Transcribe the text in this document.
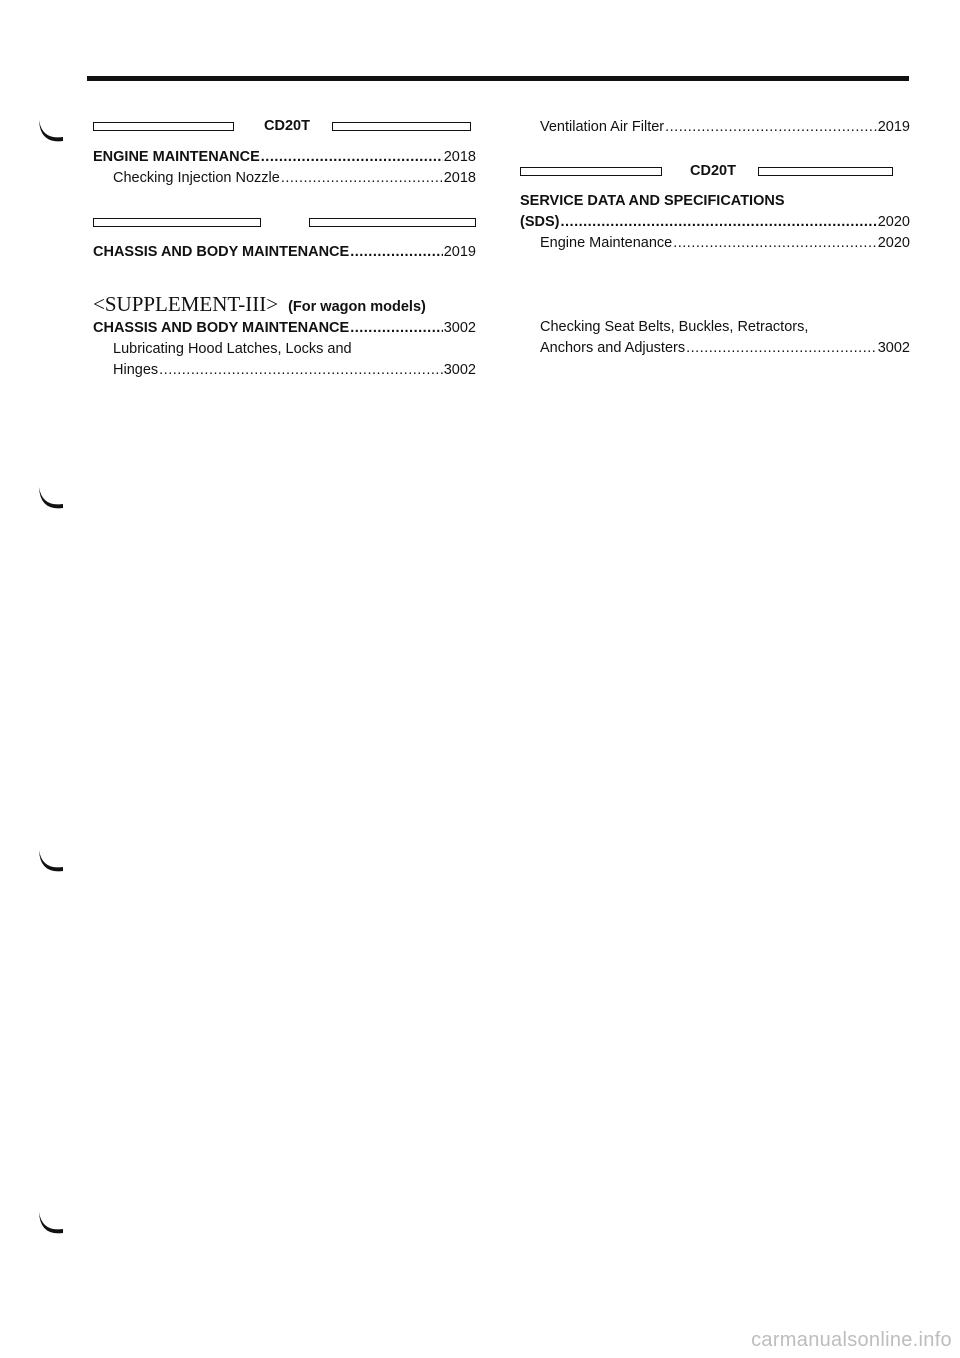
CD20T
ENGINE MAINTENANCE .....	2018
Checking Injection Nozzle .....	2018
CHASSIS AND BODY MAINTENANCE .....	2019
<SUPPLEMENT-III> (For wagon models)
CHASSIS AND BODY MAINTENANCE .....	3002
Lubricating Hood Latches, Locks and
Hinges .....	3002
Ventilation Air Filter .....	2019
CD20T
SERVICE DATA AND SPECIFICATIONS
(SDS) .....	2020
Engine Maintenance .....	2020
Checking Seat Belts, Buckles, Retractors,
Anchors and Adjusters .....	3002
carmanualsonline.info
